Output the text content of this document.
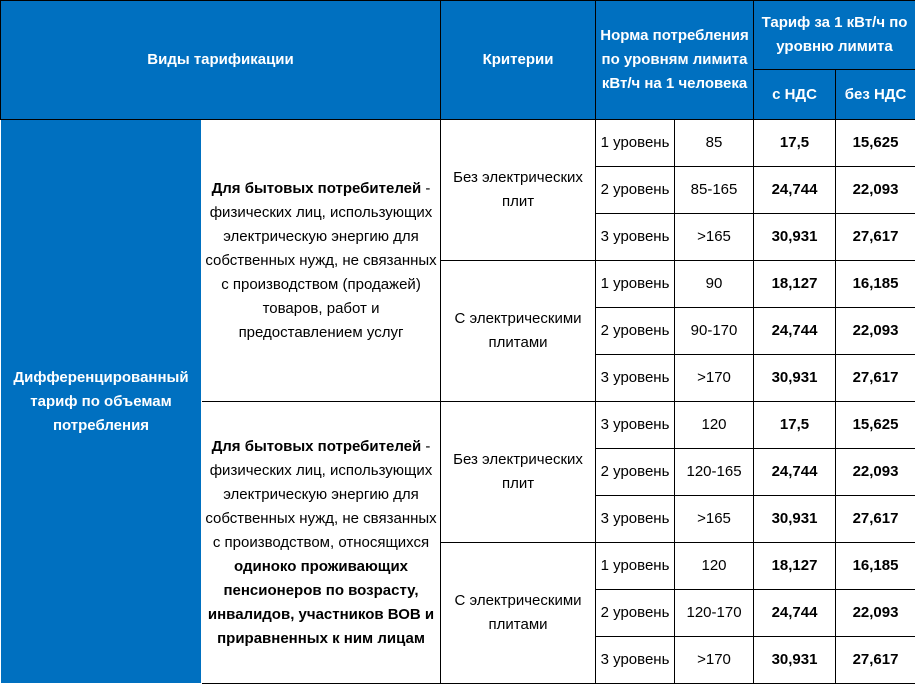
Виды тарификации		Критерии	Норма потребления по уровням лимита кВт/ч на 1 человека		Тариф за 1 кВт/ч по уровню лимита	
					с НДС	без НДС
Дифференцированный тариф по объемам потребления	Для бытовых потребителей - физических лиц, использующих электрическую энергию для собственных нужд, не связанных с производством (продажей) товаров, работ и предоставлением услуг	Без электрических плит	1 уровень	85	17,5	15,625
			2 уровень	85-165	24,744	22,093
			3 уровень	>165	30,931	27,617
		С электрическими плитами	1 уровень	90	18,127	16,185
			2 уровень	90-170	24,744	22,093
			3 уровень	>170	30,931	27,617
	Для бытовых потребителей - физических лиц, использующих электрическую энергию для собственных нужд, не связанных с производством, относящихся одиноко проживающих пенсионеров по возрасту, инвалидов, участников ВОВ и приравненных к ним лицам	Без электрических плит	3 уровень	120	17,5	15,625
			2 уровень	120-165	24,744	22,093
			3 уровень	>165	30,931	27,617
		С электрическими плитами	1 уровень	120	18,127	16,185
			2 уровень	120-170	24,744	22,093
			3 уровень	>170	30,931	27,617
